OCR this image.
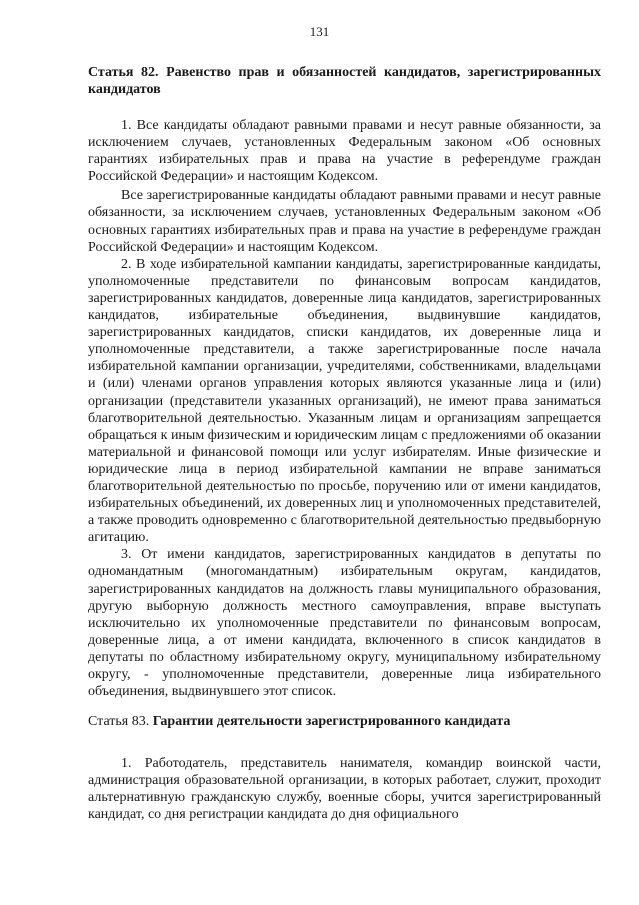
131
Статья 82. Равенство прав и обязанностей кандидатов, зарегистрированных кандидатов

1. Все кандидаты обладают равными правами и несут равные обязанности, за исключением случаев, установленных Федеральным законом «Об основных гарантиях избирательных прав и права на участие в референдуме граждан Российской Федерации» и настоящим Кодексом.

Все зарегистрированные кандидаты обладают равными правами и несут равные обязанности, за исключением случаев, установленных Федеральным законом «Об основных гарантиях избирательных прав и права на участие в референдуме граждан Российской Федерации» и настоящим Кодексом.

2. В ходе избирательной кампании кандидаты, зарегистрированные кандидаты, уполномоченные представители по финансовым вопросам кандидатов, зарегистрированных кандидатов, доверенные лица кандидатов, зарегистрированных кандидатов, избирательные объединения, выдвинувшие кандидатов, зарегистрированных кандидатов, списки кандидатов, их доверенные лица и уполномоченные представители, а также зарегистрированные после начала избирательной кампании организации, учредителями, собственниками, владельцами и (или) членами органов управления которых являются указанные лица и (или) организации (представители указанных организаций), не имеют права заниматься благотворительной деятельностью. Указанным лицам и организациям запрещается обращаться к иным физическим и юридическим лицам с предложениями об оказании материальной и финансовой помощи или услуг избирателям. Иные физические и юридические лица в период избирательной кампании не вправе заниматься благотворительной деятельностью по просьбе, поручению или от имени кандидатов, избирательных объединений, их доверенных лиц и уполномоченных представителей, а также проводить одновременно с благотворительной деятельностью предвыборную агитацию.

3. От имени кандидатов, зарегистрированных кандидатов в депутаты по одномандатным (многомандатным) избирательным округам, кандидатов, зарегистрированных кандидатов на должность главы муниципального образования, другую выборную должность местного самоуправления, вправе выступать исключительно их уполномоченные представители по финансовым вопросам, доверенные лица, а от имени кандидата, включенного в список кандидатов в депутаты по областному избирательному округу, муниципальному избирательному округу, - уполномоченные представители, доверенные лица избирательного объединения, выдвинувшего этот список.

Статья 83. Гарантии деятельности зарегистрированного кандидата

1. Работодатель, представитель нанимателя, командир воинской части, администрация образовательной организации, в которых работает, служит, проходит альтернативную гражданскую службу, военные сборы, учится зарегистрированный кандидат, со дня регистрации кандидата до дня официального
